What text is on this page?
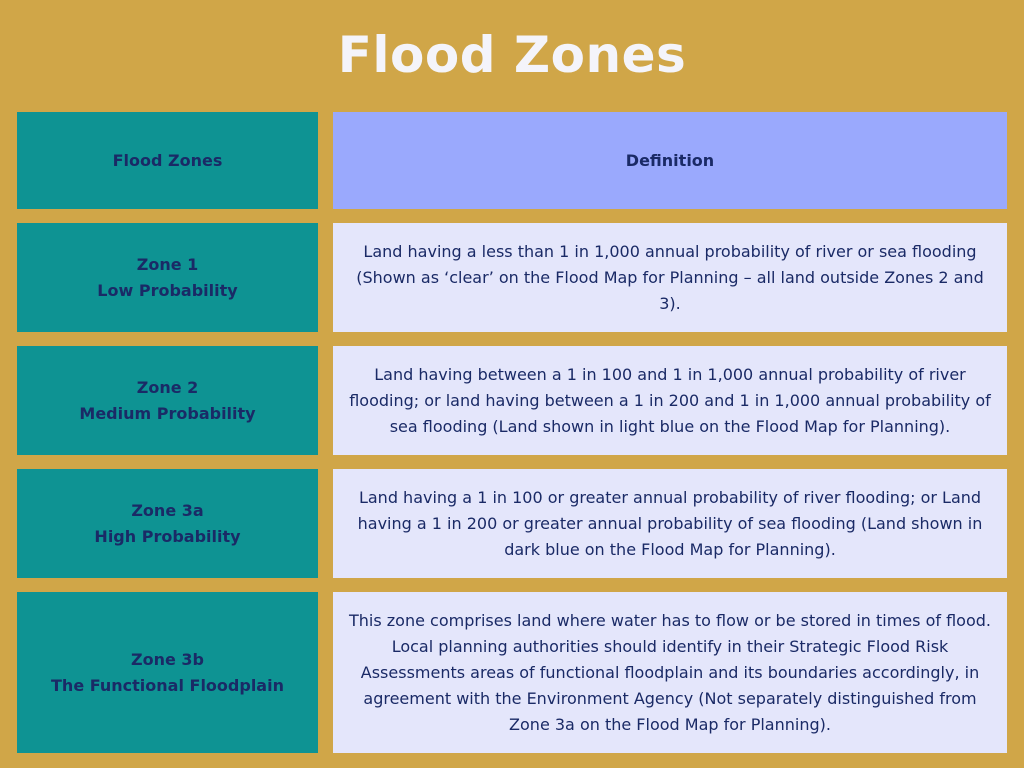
Flood Zones
Flood Zones	Definition
Zone 1
Low Probability
Land having a less than 1 in 1,000 annual probability of river or sea flooding (Shown as ‘clear’ on the Flood Map for Planning – all land outside Zones 2 and 3).
Zone 2
Medium Probability
Land having between a 1 in 100 and 1 in 1,000 annual probability of river flooding; or land having between a 1 in 200 and 1 in 1,000 annual probability of sea flooding (Land shown in light blue on the Flood Map for Planning).
Zone 3a
High Probability
Land having a 1 in 100 or greater annual probability of river flooding; or Land having a 1 in 200 or greater annual probability of sea flooding (Land shown in dark blue on the Flood Map for Planning).
Zone 3b
The Functional Floodplain
This zone comprises land where water has to flow or be stored in times of flood. Local planning authorities should identify in their Strategic Flood Risk Assessments areas of functional floodplain and its boundaries accordingly, in agreement with the Environment Agency (Not separately distinguished from Zone 3a on the Flood Map for Planning).
